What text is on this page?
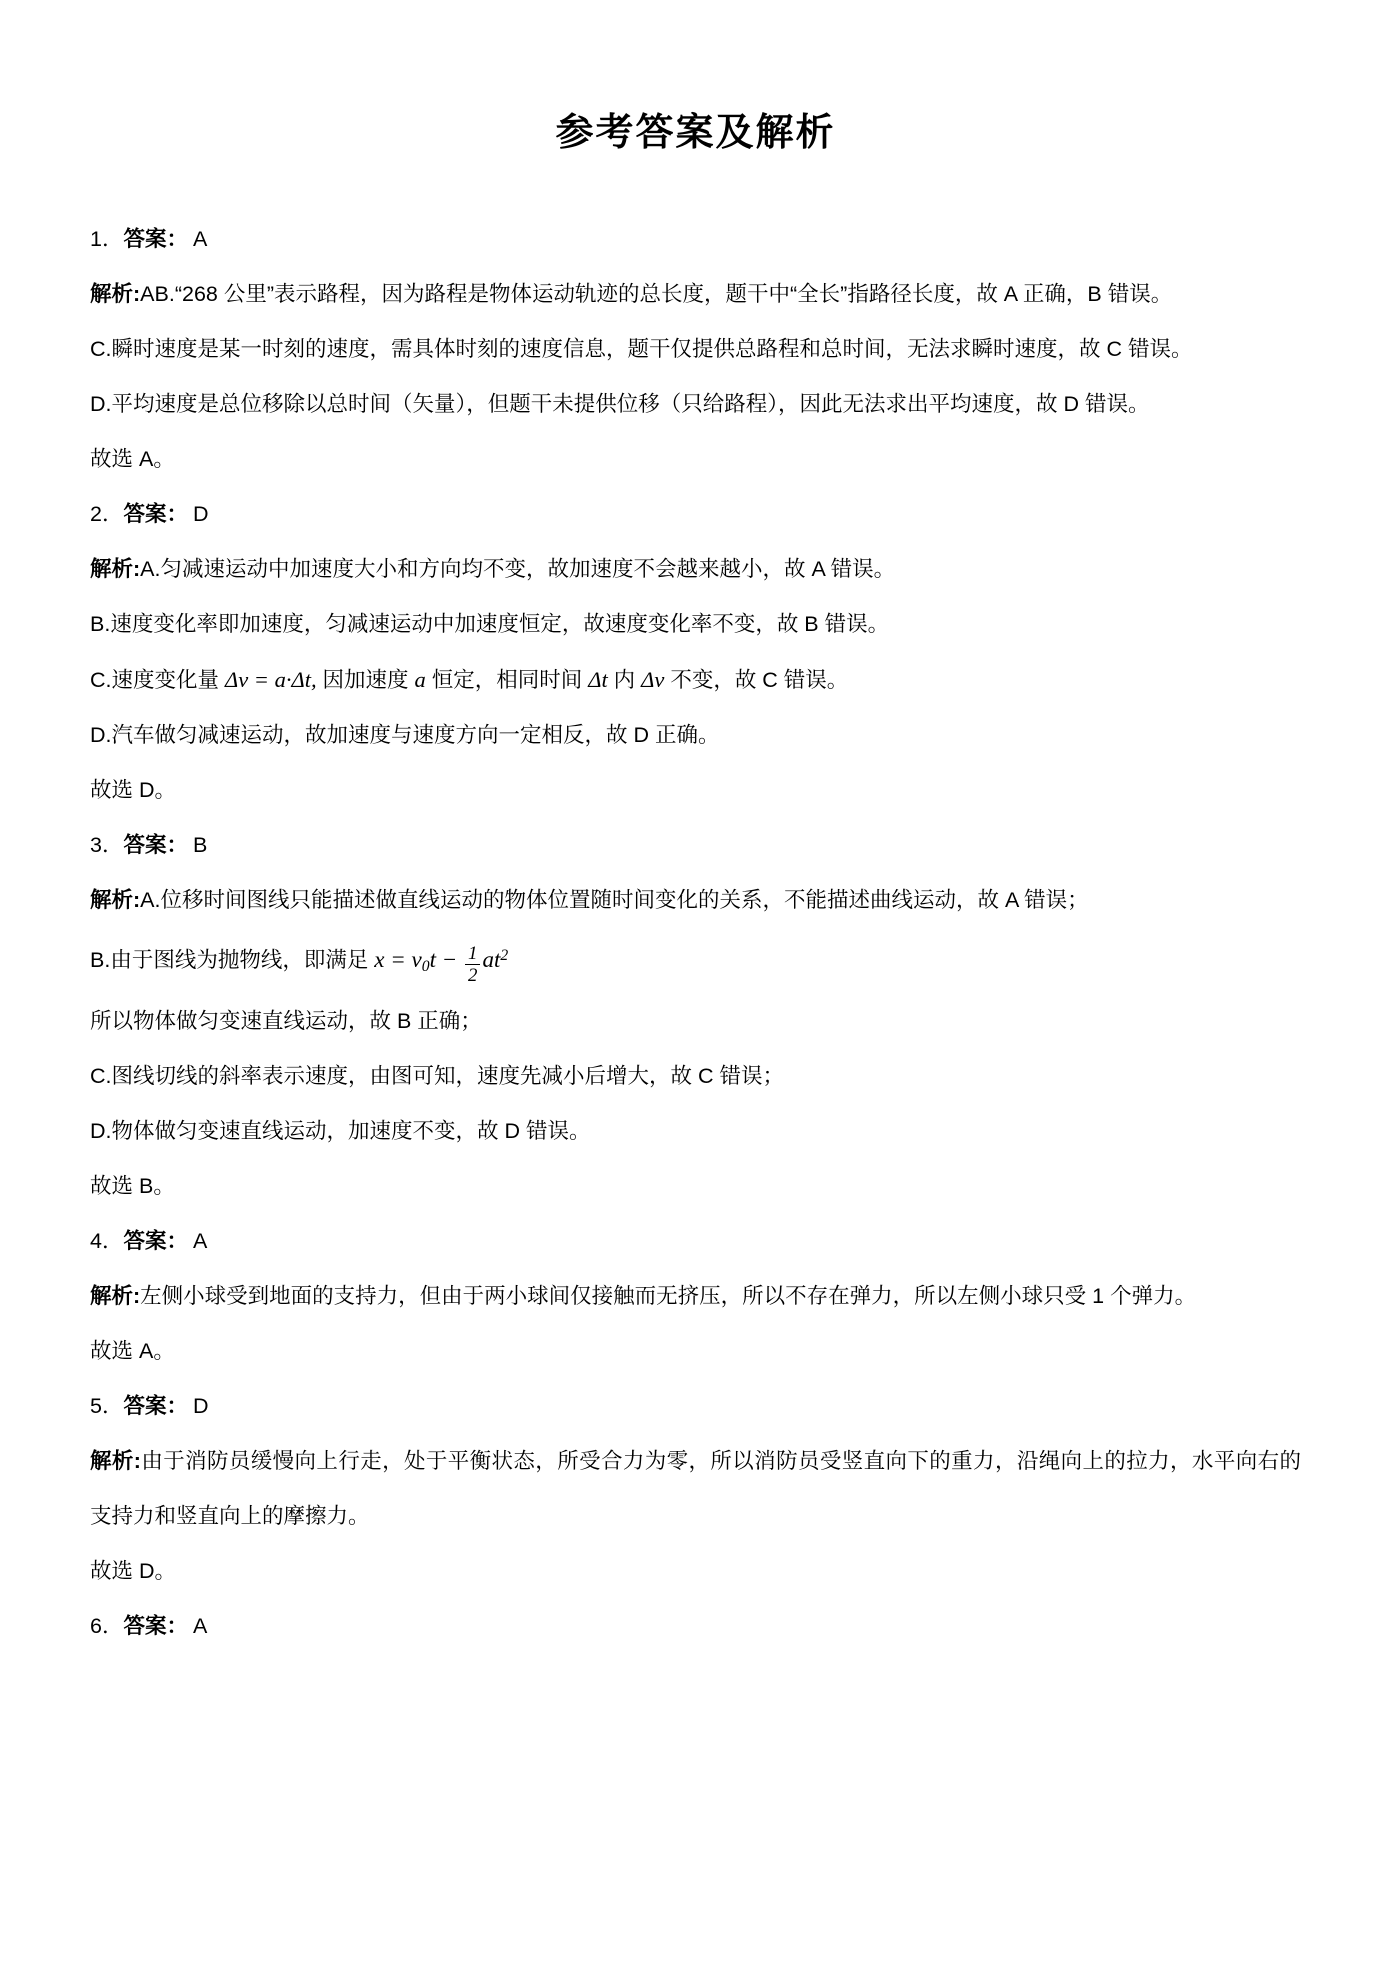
参考答案及解析

1．答案： A

解析:AB.“268 公里”表示路程，因为路程是物体运动轨迹的总长度，题干中“全长”指路径长度，故 A 正确，B 错误。

C.瞬时速度是某一时刻的速度，需具体时刻的速度信息，题干仅提供总路程和总时间，无法求瞬时速度，故 C 错误。

D.平均速度是总位移除以总时间（矢量），但题干未提供位移（只给路程），因此无法求出平均速度，故 D 错误。

故选 A。

2．答案： D

解析:A.匀减速运动中加速度大小和方向均不变，故加速度不会越来越小，故 A 错误。

B.速度变化率即加速度，匀减速运动中加速度恒定，故速度变化率不变，故 B 错误。

C.速度变化量 Δv = a·Δt, 因加速度 a 恒定，相同时间 Δt 内 Δv 不变，故 C 错误。

D.汽车做匀减速运动，故加速度与速度方向一定相反，故 D 正确。

故选 D。

3．答案： B

解析:A.位移时间图线只能描述做直线运动的物体位置随时间变化的关系，不能描述曲线运动，故 A 错误；

B.由于图线为抛物线，即满足 $x = v_0t - \frac{1}{2} at^2$

所以物体做匀变速直线运动，故 B 正确；

C.图线切线的斜率表示速度，由图可知，速度先减小后增大，故 C 错误；

D.物体做匀变速直线运动，加速度不变，故 D 错误。

故选 B。

4．答案： A

解析:左侧小球受到地面的支持力，但由于两小球间仅接触而无挤压，所以不存在弹力，所以左侧小球只受 1 个弹力。

故选 A。

5．答案： D

解析:由于消防员缓慢向上行走，处于平衡状态，所受合力为零，所以消防员受竖直向下的重力，沿绳向上的拉力，水平向右的支持力和竖直向上的摩擦力。

故选 D。

6．答案： A
